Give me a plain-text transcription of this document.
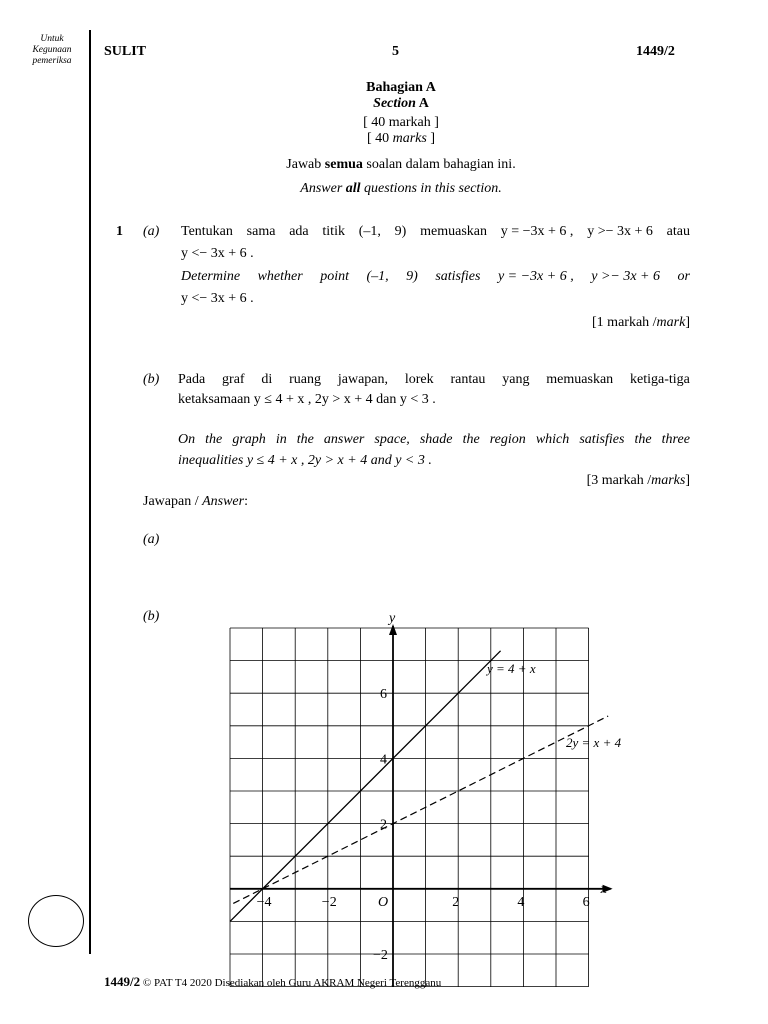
Untuk
Kegunaan
pemeriksa
SULIT	5	1449/2
Bahagian A
Section A
[ 40 markah ]
[ 40 marks ]
Jawab semua soalan dalam bahagian ini.
Answer all questions in this section.
1 (a) Tentukan sama ada titik (–1, 9) memuaskan y = −3x + 6 , y >− 3x + 6 atau
y <− 3x + 6 .
Determine whether point (–1, 9) satisfies y = −3x + 6 , y >− 3x + 6 or
y <− 3x + 6 .
[1 markah /mark]
(b) Pada graf di ruang jawapan, lorek rantau yang memuaskan ketiga-tiga
ketaksamaan y ≤ 4 + x , 2y > x + 4 dan y < 3 .
On the graph in the answer space, shade the region which satisfies the three
inequalities y ≤ 4 + x , 2y > x + 4 and y < 3 .
[3 markah /marks]
Jawapan / Answer:
(a)
(b)
−4	−2	2	4	6
6
4
2
−2
O
x
y
y = 4 + x
2y = x + 4
1449/2 © PAT T4 2020 Disediakan oleh Guru AKRAM Negeri Terengganu
